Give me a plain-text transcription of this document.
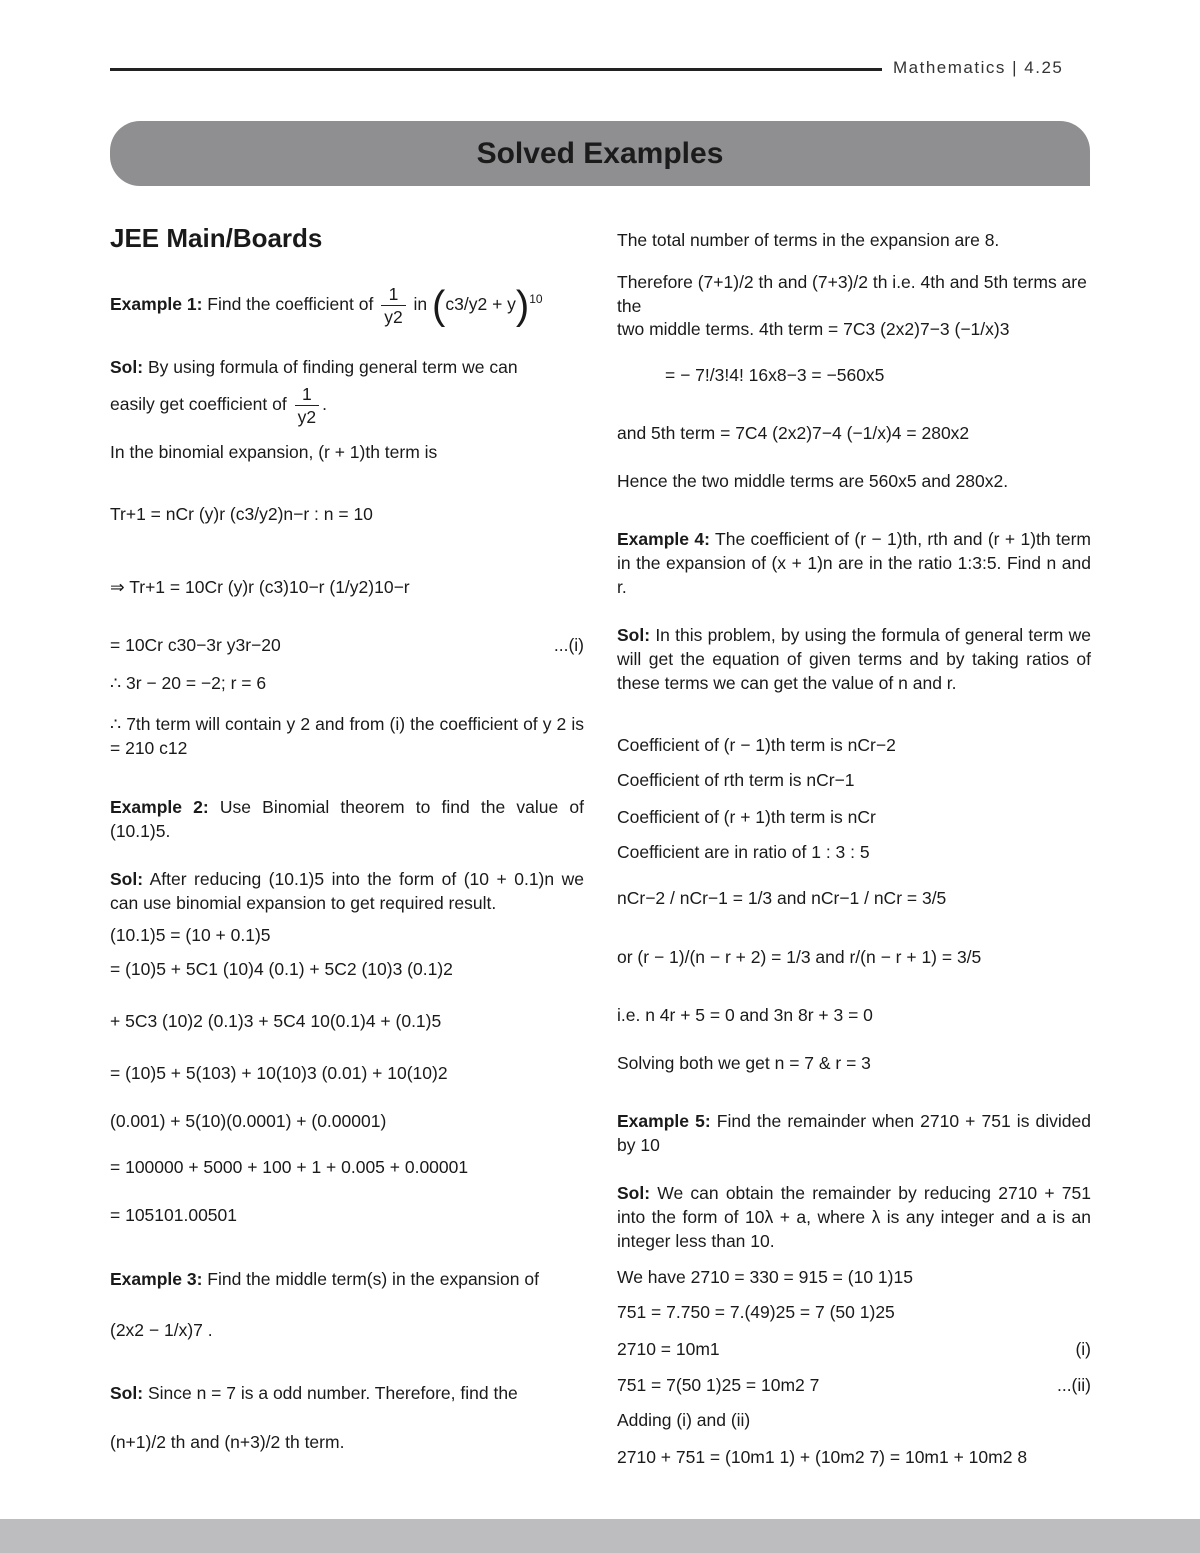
Mathematics | 4.25
Solved Examples
JEE Main/Boards
Example 1: Find the coefficient of $\frac{1}{y2}$ in $(c3/y2 + y)^{10}$
Sol: By using formula of finding general term we can
easily get coefficient of $\frac{1}{y2}$ .
In the binomial expansion, (r + 1)th term is
Tr+1 = nCr (y)r (c3/y2)n−r : n = 10
⇒ Tr+1 = 10Cr (y)r (c3)10−r (1/y2)10−r
= 10Cr c30−3r y3r−20	...(i)
∴ 3r − 20 = −2; r = 6
∴ 7th term will contain y 2 and from (i) the coefficient of y 2 is = 210 c12
Example 2: Use Binomial theorem to find the value of (10.1)5.
Sol: After reducing (10.1)5 into the form of (10 + 0.1)n we can use binomial expansion to get required result.
(10.1)5 = (10 + 0.1)5
= (10)5 + 5C1 (10)4 (0.1) + 5C2 (10)3 (0.1)2
+ 5C3 (10)2 (0.1)3 + 5C4 10(0.1)4 + (0.1)5
= (10)5 + 5(103) + 10(10)3 (0.01) + 10(10)2
(0.001) + 5(10)(0.0001) + (0.00001)
= 100000 + 5000 + 100 + 1 + 0.005 + 0.00001
= 105101.00501
Example 3: Find the middle term(s) in the expansion of
(2x2 − 1/x)7 .
Sol: Since n = 7 is a odd number. Therefore, find the
(n+1)/2 th and (n+3)/2 th term.
The total number of terms in the expansion are 8.
Therefore (7+1)/2 th and (7+3)/2 th i.e. 4th and 5th terms are the
two middle terms. 4th term = 7C3 (2x2)7−3 (−1/x)3
= − 7!/3!4! 16x8−3 = −560x5
and 5th term = 7C4 (2x2)7−4 (−1/x)4 = 280x2
Hence the two middle terms are 560x5 and 280x2.
Example 4: The coefficient of (r − 1)th, rth and (r + 1)th term in the expansion of (x + 1)n are in the ratio 1:3:5. Find n and r.
Sol: In this problem, by using the formula of general term we will get the equation of given terms and by taking ratios of these terms we can get the value of n and r.
Coefficient of (r − 1)th term is nCr−2
Coefficient of rth term is nCr−1
Coefficient of (r + 1)th term is nCr
Coefficient are in ratio of 1 : 3 : 5
nCr−2 / nCr−1 = 1/3 and nCr−1 / nCr = 3/5
or (r − 1)/(n − r + 2) = 1/3 and r/(n − r + 1) = 3/5
i.e. n 4r + 5 = 0 and 3n 8r + 3 = 0
Solving both we get n = 7 & r = 3
Example 5: Find the remainder when 2710 + 751 is divided by 10
Sol: We can obtain the remainder by reducing 2710 + 751 into the form of 10λ + a, where λ is any integer and a is an integer less than 10.
We have 2710 = 330 = 915 = (10 1)15
751 = 7.750 = 7.(49)25 = 7 (50 1)25
2710 = 10m1	(i)
751 = 7(50 1)25 = 10m2 7	...(ii)
Adding (i) and (ii)
2710 + 751 = (10m1 1) + (10m2 7) = 10m1 + 10m2 8
